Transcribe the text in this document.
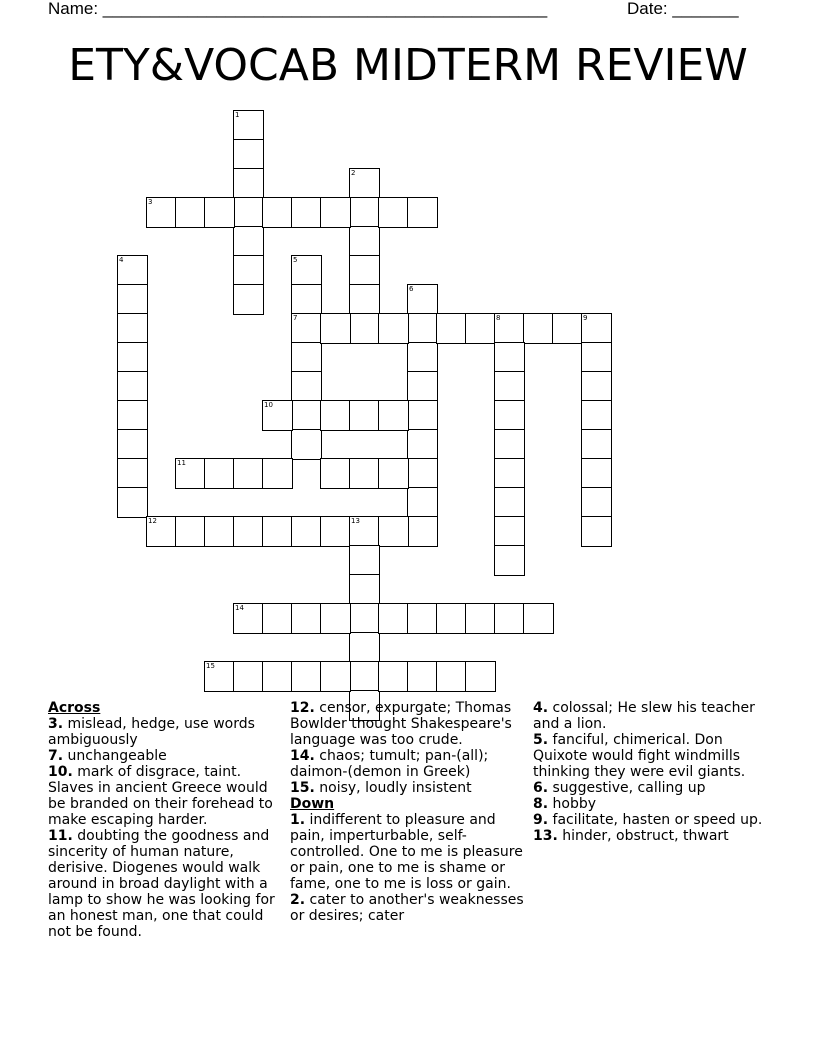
Name: _______________________________________________	Date: _______
ETY&VOCAB MIDTERM REVIEW
1
2
3
4	5
7
6
8	9
10
11
12	13
14
15
Across
3. mislead, hedge, use words ambiguously
7. unchangeable
10. mark of disgrace, taint. Slaves in ancient Greece would be branded on their forehead to make escaping harder.
11. doubting the goodness and sincerity of human nature, derisive. Diogenes would walk around in broad daylight with a lamp to show he was looking for an honest man, one that could not be found.
12. censor, expurgate; Thomas Bowlder thought Shakespeare's language was too crude.
14. chaos; tumult; pan-(all); daimon-(demon in Greek)
15. noisy, loudly insistent
Down
1. indifferent to pleasure and pain, imperturbable, self-controlled. One to me is pleasure or pain, one to me is shame or fame, one to me is loss or gain.
2. cater to another's weaknesses or desires; cater
4. colossal; He slew his teacher and a lion.
5. fanciful, chimerical. Don Quixote would fight windmills thinking they were evil giants.
6. suggestive, calling up
8. hobby
9. facilitate, hasten or speed up.
13. hinder, obstruct, thwart
